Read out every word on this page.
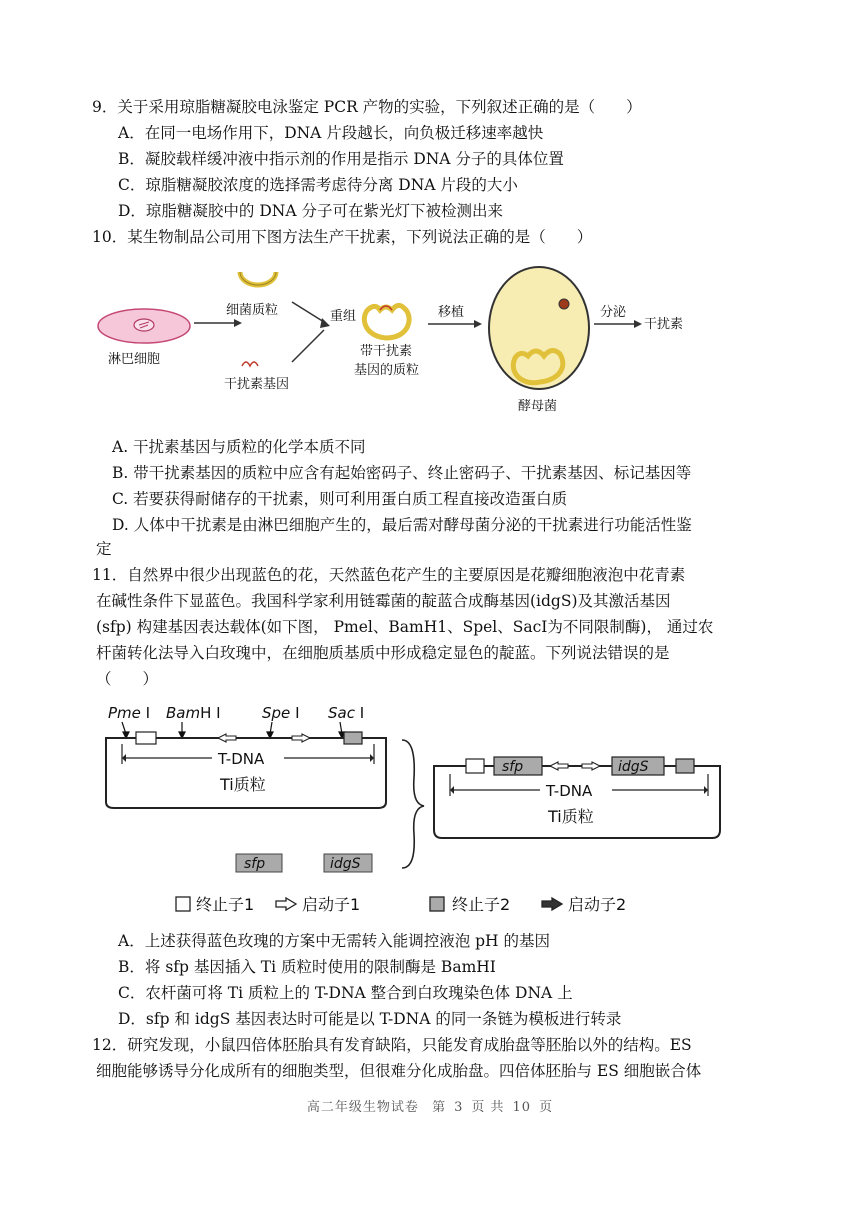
9．关于采用琼脂糖凝胶电泳鉴定 PCR 产物的实验，下列叙述正确的是（　　）
A．在同一电场作用下，DNA 片段越长，向负极迁移速率越快
B．凝胶载样缓冲液中指示剂的作用是指示 DNA 分子的具体位置
C．琼脂糖凝胶浓度的选择需考虑待分离 DNA 片段的大小
D．琼脂糖凝胶中的 DNA 分子可在紫光灯下被检测出来
10．某生物制品公司用下图方法生产干扰素，下列说法正确的是（　　）
淋巴细胞
细菌质粒
干扰素基因
重组
带干扰素
基因的质粒
移植
酵母菌
分泌
干扰素
A. 干扰素基因与质粒的化学本质不同
B. 带干扰素基因的质粒中应含有起始密码子、终止密码子、干扰素基因、标记基因等
C. 若要获得耐储存的干扰素，则可利用蛋白质工程直接改造蛋白质
D. 人体中干扰素是由淋巴细胞产生的，最后需对酵母菌分泌的干扰素进行功能活性鉴
定
11．自然界中很少出现蓝色的花，天然蓝色花产生的主要原因是花瓣细胞液泡中花青素
在碱性条件下显蓝色。我国科学家利用链霉菌的靛蓝合成酶基因(idgS)及其激活基因
(sfp) 构建基因表达载体(如下图， Pmel、BamH1、Spel、SacⅠ为不同限制酶)， 通过农
杆菌转化法导入白玫瑰中，在细胞质基质中形成稳定显色的靛蓝。下列说法错误的是
（　　）
Pme I BamH I	Spe I Sac I
T-DNA
Ti质粒
sfp	idgS
sfp	idgS
T-DNA
Ti质粒
终止子1	启动子1	终止子2	启动子2
A．上述获得蓝色玫瑰的方案中无需转入能调控液泡 pH 的基因
B．将 sfp 基因插入 Ti 质粒时使用的限制酶是 BamHI
C．农杆菌可将 Ti 质粒上的 T-DNA 整合到白玫瑰染色体 DNA 上
D．sfp 和 idgS 基因表达时可能是以 T-DNA 的同一条链为模板进行转录
12．研究发现，小鼠四倍体胚胎具有发育缺陷，只能发育成胎盘等胚胎以外的结构。ES
细胞能够诱导分化成所有的细胞类型，但很难分化成胎盘。四倍体胚胎与 ES 细胞嵌合体
高二年级生物试卷 第 3 页 共 10 页
